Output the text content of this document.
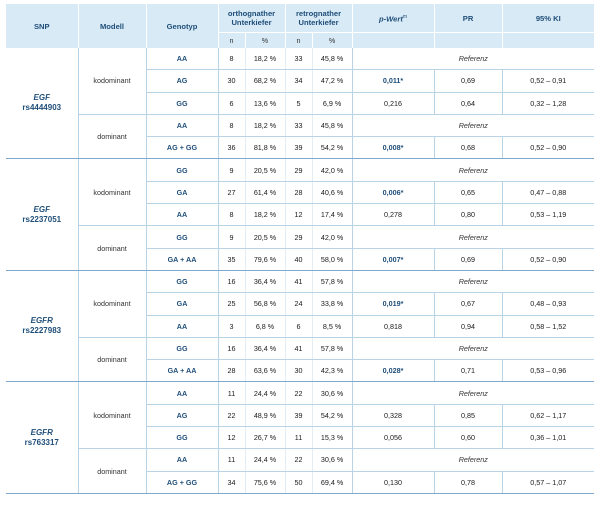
SNP	Modell	Genotyp	orthognather Unterkiefer		retrognather Unterkiefer		p-Wert$^m$	PR	95% KI
			n	%	n	%			

EGF
rs4444903	kodominant	AA	8	18,2 %	33	45,8 %	Referenz		
		AG	30	68,2 %	34	47,2 %	0,011*	0,69	0,52 – 0,91
		GG	6	13,6 %	5	6,9 %	0,216	0,64	0,32 – 1,28
	dominant	AA	8	18,2 %	33	45,8 %	Referenz		
		AG + GG	36	81,8 %	39	54,2 %	0,008*	0,68	0,52 – 0,90

EGF
rs2237051	kodominant	GG	9	20,5 %	29	42,0 %	Referenz		
		GA	27	61,4 %	28	40,6 %	0,006*	0,65	0,47 – 0,88
		AA	8	18,2 %	12	17,4 %	0,278	0,80	0,53 – 1,19
	dominant	GG	9	20,5 %	29	42,0 %	Referenz		
		GA + AA	35	79,6 %	40	58,0 %	0,007*	0,69	0,52 – 0,90

EGFR
rs2227983	kodominant	GG	16	36,4 %	41	57,8 %	Referenz		
		GA	25	56,8 %	24	33,8 %	0,019*	0,67	0,48 – 0,93
		AA	3	6,8 %	6	8,5 %	0,818	0,94	0,58 – 1,52
	dominant	GG	16	36,4 %	41	57,8 %	Referenz		
		GA + AA	28	63,6 %	30	42,3 %	0,028*	0,71	0,53 – 0,96

EGFR
rs763317	kodominant	AA	11	24,4 %	22	30,6 %	Referenz		
		AG	22	48,9 %	39	54,2 %	0,328	0,85	0,62 – 1,17
		GG	12	26,7 %	11	15,3 %	0,056	0,60	0,36 – 1,01
	dominant	AA	11	24,4 %	22	30,6 %	Referenz		
		AG + GG	34	75,6 %	50	69,4 %	0,130	0,78	0,57 – 1,07
